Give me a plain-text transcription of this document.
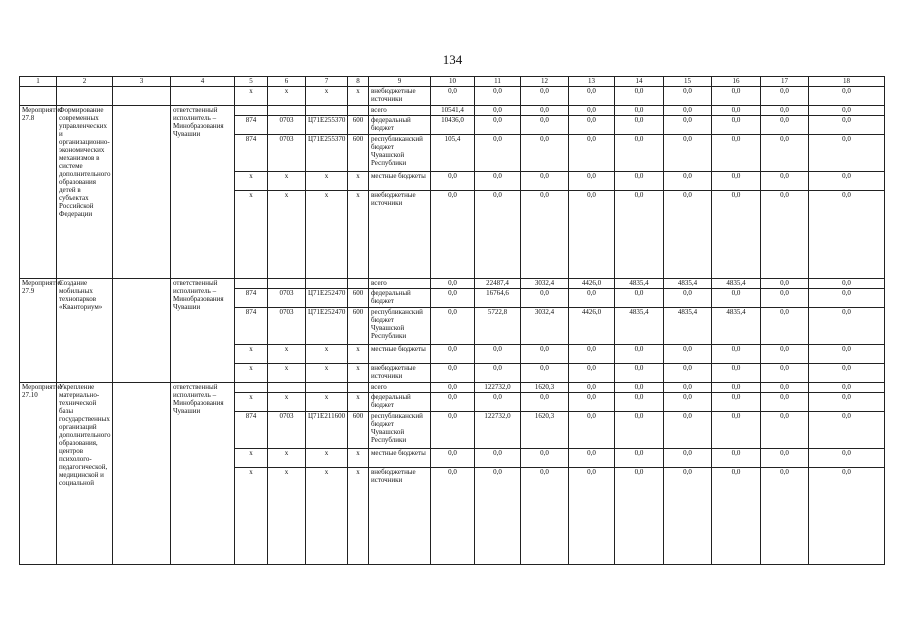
134
1	2	3	4	5	6	7	8	9	10	11	12	13	14	15	16	17	18
				x	x	x	x	внебюджетные источники	0,0	0,0	0,0	0,0	0,0	0,0	0,0	0,0	0,0
Мероприятие 27.8	Формирование современных управленческих и организационно-экономических механизмов в системе дополнительного образования детей в субъектах Российской Федерации		ответственный исполнитель – Минобразования Чувашии					всего	10541,4	0,0	0,0	0,0	0,0	0,0	0,0	0,0	0,0
				874	0703	Ц71Е255370	600	федеральный бюджет	10436,0	0,0	0,0	0,0	0,0	0,0	0,0	0,0	0,0
				874	0703	Ц71Е255370	600	республиканский бюджет Чувашской Республики	105,4	0,0	0,0	0,0	0,0	0,0	0,0	0,0	0,0
				x	x	x	x	местные бюджеты	0,0	0,0	0,0	0,0	0,0	0,0	0,0	0,0	0,0
				x	x	x	x	внебюджетные источники	0,0	0,0	0,0	0,0	0,0	0,0	0,0	0,0	0,0
Мероприятие 27.9	Создание мобильных технопарков «Кванториум»		ответственный исполнитель – Минобразования Чувашии					всего	0,0	22487,4	3032,4	4426,0	4835,4	4835,4	4835,4	0,0	0,0
				874	0703	Ц71Е252470	600	федеральный бюджет	0,0	16764,6	0,0	0,0	0,0	0,0	0,0	0,0	0,0
				874	0703	Ц71Е252470	600	республиканский бюджет Чувашской Республики	0,0	5722,8	3032,4	4426,0	4835,4	4835,4	4835,4	0,0	0,0
				x	x	x	x	местные бюджеты	0,0	0,0	0,0	0,0	0,0	0,0	0,0	0,0	0,0
				x	x	x	x	внебюджетные источники	0,0	0,0	0,0	0,0	0,0	0,0	0,0	0,0	0,0
Мероприятие 27.10	Укрепление материально-технической базы государственных организаций дополнительного образования, центров психолого-педагогической, медицинской и социальной		ответственный исполнитель – Минобразования Чувашии					всего	0,0	122732,0	1620,3	0,0	0,0	0,0	0,0	0,0	0,0
				x	x	x	x	федеральный бюджет	0,0	0,0	0,0	0,0	0,0	0,0	0,0	0,0	0,0
				874	0703	Ц71Е211600	600	республиканский бюджет Чувашской Республики	0,0	122732,0	1620,3	0,0	0,0	0,0	0,0	0,0	0,0
				x	x	x	x	местные бюджеты	0,0	0,0	0,0	0,0	0,0	0,0	0,0	0,0	0,0
				x	x	x	x	внебюджетные источники	0,0	0,0	0,0	0,0	0,0	0,0	0,0	0,0	0,0
